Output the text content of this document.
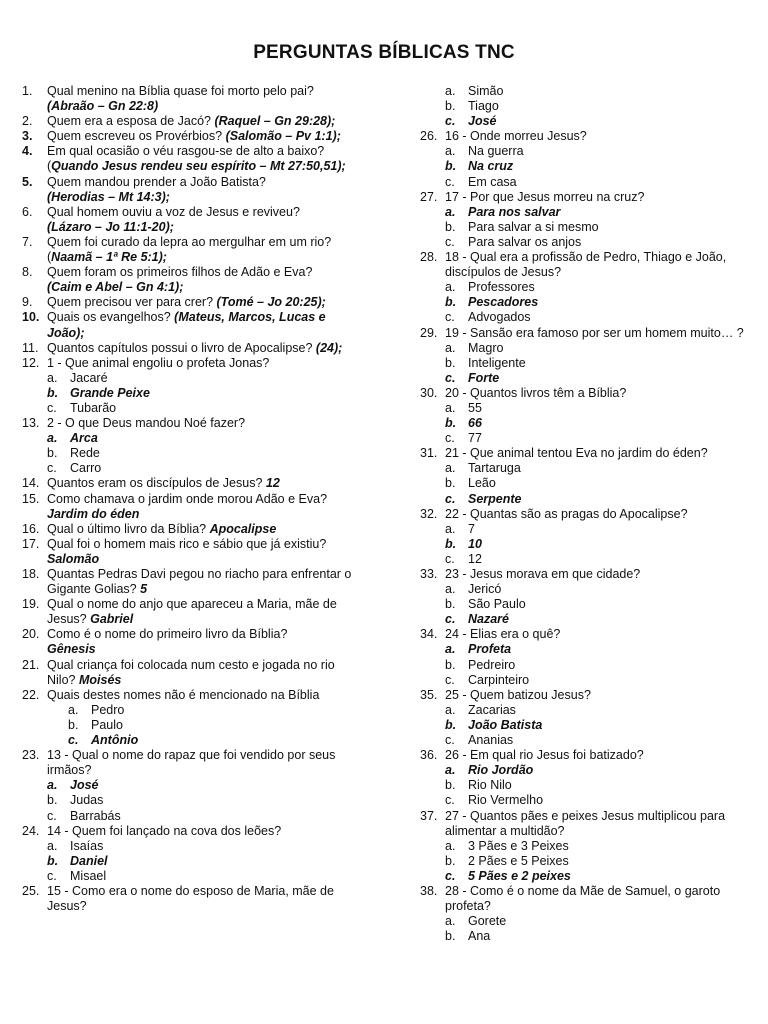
PERGUNTAS BÍBLICAS TNC
1.	Qual menino na Bíblia quase foi morto pelo pai?
(Abraão – Gn 22:8)
2.	Quem era a esposa de Jacó? (Raquel – Gn 29:28);
3.	Quem escreveu os Provérbios? (Salomão – Pv 1:1);
4.	Em qual ocasião o véu rasgou-se de alto a baixo?
(Quando Jesus rendeu seu espírito – Mt 27:50,51);
5.	Quem mandou prender a João Batista?
(Herodias – Mt 14:3);
6.	Qual homem ouviu a voz de Jesus e reviveu?
(Lázaro – Jo 11:1-20);
7.	Quem foi curado da lepra ao mergulhar em um rio?
(Naamã – 1ª Re 5:1);
8.	Quem foram os primeiros filhos de Adão e Eva?
(Caim e Abel – Gn 4:1);
9.	Quem precisou ver para crer? (Tomé – Jo 20:25);
10. Quais os evangelhos? (Mateus, Marcos, Lucas e João);
11. Quantos capítulos possui o livro de Apocalipse? (24);
12. 1 - Que animal engoliu o profeta Jonas?
a.	Jacaré
b. Grande Peixe
c.	Tubarão
13. 2 - O que Deus mandou Noé fazer?
a.	Arca
b.	Rede
c.	Carro
14. Quantos eram os discípulos de Jesus? 12
15. Como chamava o jardim onde morou Adão e Eva?
Jardim do éden
16. Qual o último livro da Bíblia? Apocalipse
17. Qual foi o homem mais rico e sábio que já existiu?
Salomão
18. Quantas Pedras Davi pegou no riacho para enfrentar o Gigante Golias? 5
19. Qual o nome do anjo que apareceu a Maria, mãe de Jesus? Gabriel
20. Como é o nome do primeiro livro da Bíblia?
Gênesis
21. Qual criança foi colocada num cesto e jogada no rio Nilo? Moisés
22. Quais destes nomes não é mencionado na Bíblia
a.	Pedro
b.	Paulo
c.	Antônio
23. 13 - Qual o nome do rapaz que foi vendido por seus irmãos?
a.	José
b.	Judas
c.	Barrabás
24. 14 - Quem foi lançado na cova dos leões?
a.	Isaías
b. Daniel
c.	Misael
25. 15 - Como era o nome do esposo de Maria, mãe de Jesus?
a.	Simão
b.	Tiago
c.	José
26. 16 - Onde morreu Jesus?
a.	Na guerra
b. Na cruz
c.	Em casa
27. 17 - Por que Jesus morreu na cruz?
a.	Para nos salvar
b.	Para salvar a si mesmo
c.	Para salvar os anjos
28. 18 - Qual era a profissão de Pedro, Thiago e João, discípulos de Jesus?
a.	Professores
b. Pescadores
c.	Advogados
29. 19 - Sansão era famoso por ser um homem muito… ?
a.	Magro
b.	Inteligente
c.	Forte
30. 20 - Quantos livros têm a Bíblia?
a.	55
b. 66
c.	77
31. 21 - Que animal tentou Eva no jardim do éden?
a.	Tartaruga
b.	Leão
c.	Serpente
32. 22 - Quantas são as pragas do Apocalipse?
a.	7
b. 10
c.	12
33. 23 - Jesus morava em que cidade?
a.	Jericó
b.	São Paulo
c.	Nazaré
34. 24 - Elias era o quê?
a.	Profeta
b.	Pedreiro
c.	Carpinteiro
35. 25 - Quem batizou Jesus?
a.	Zacarias
b. João Batista
c.	Ananias
36. 26 - Em qual rio Jesus foi batizado?
a.	Rio Jordão
b.	Rio Nilo
c.	Rio Vermelho
37. 27 - Quantos pães e peixes Jesus multiplicou para alimentar a multidão?
a.	3 Pães e 3 Peixes
b.	2 Pães e 5 Peixes
c.	5 Pães e 2 peixes
38. 28 - Como é o nome da Mãe de Samuel, o garoto profeta?
a.	Gorete
b.	Ana
